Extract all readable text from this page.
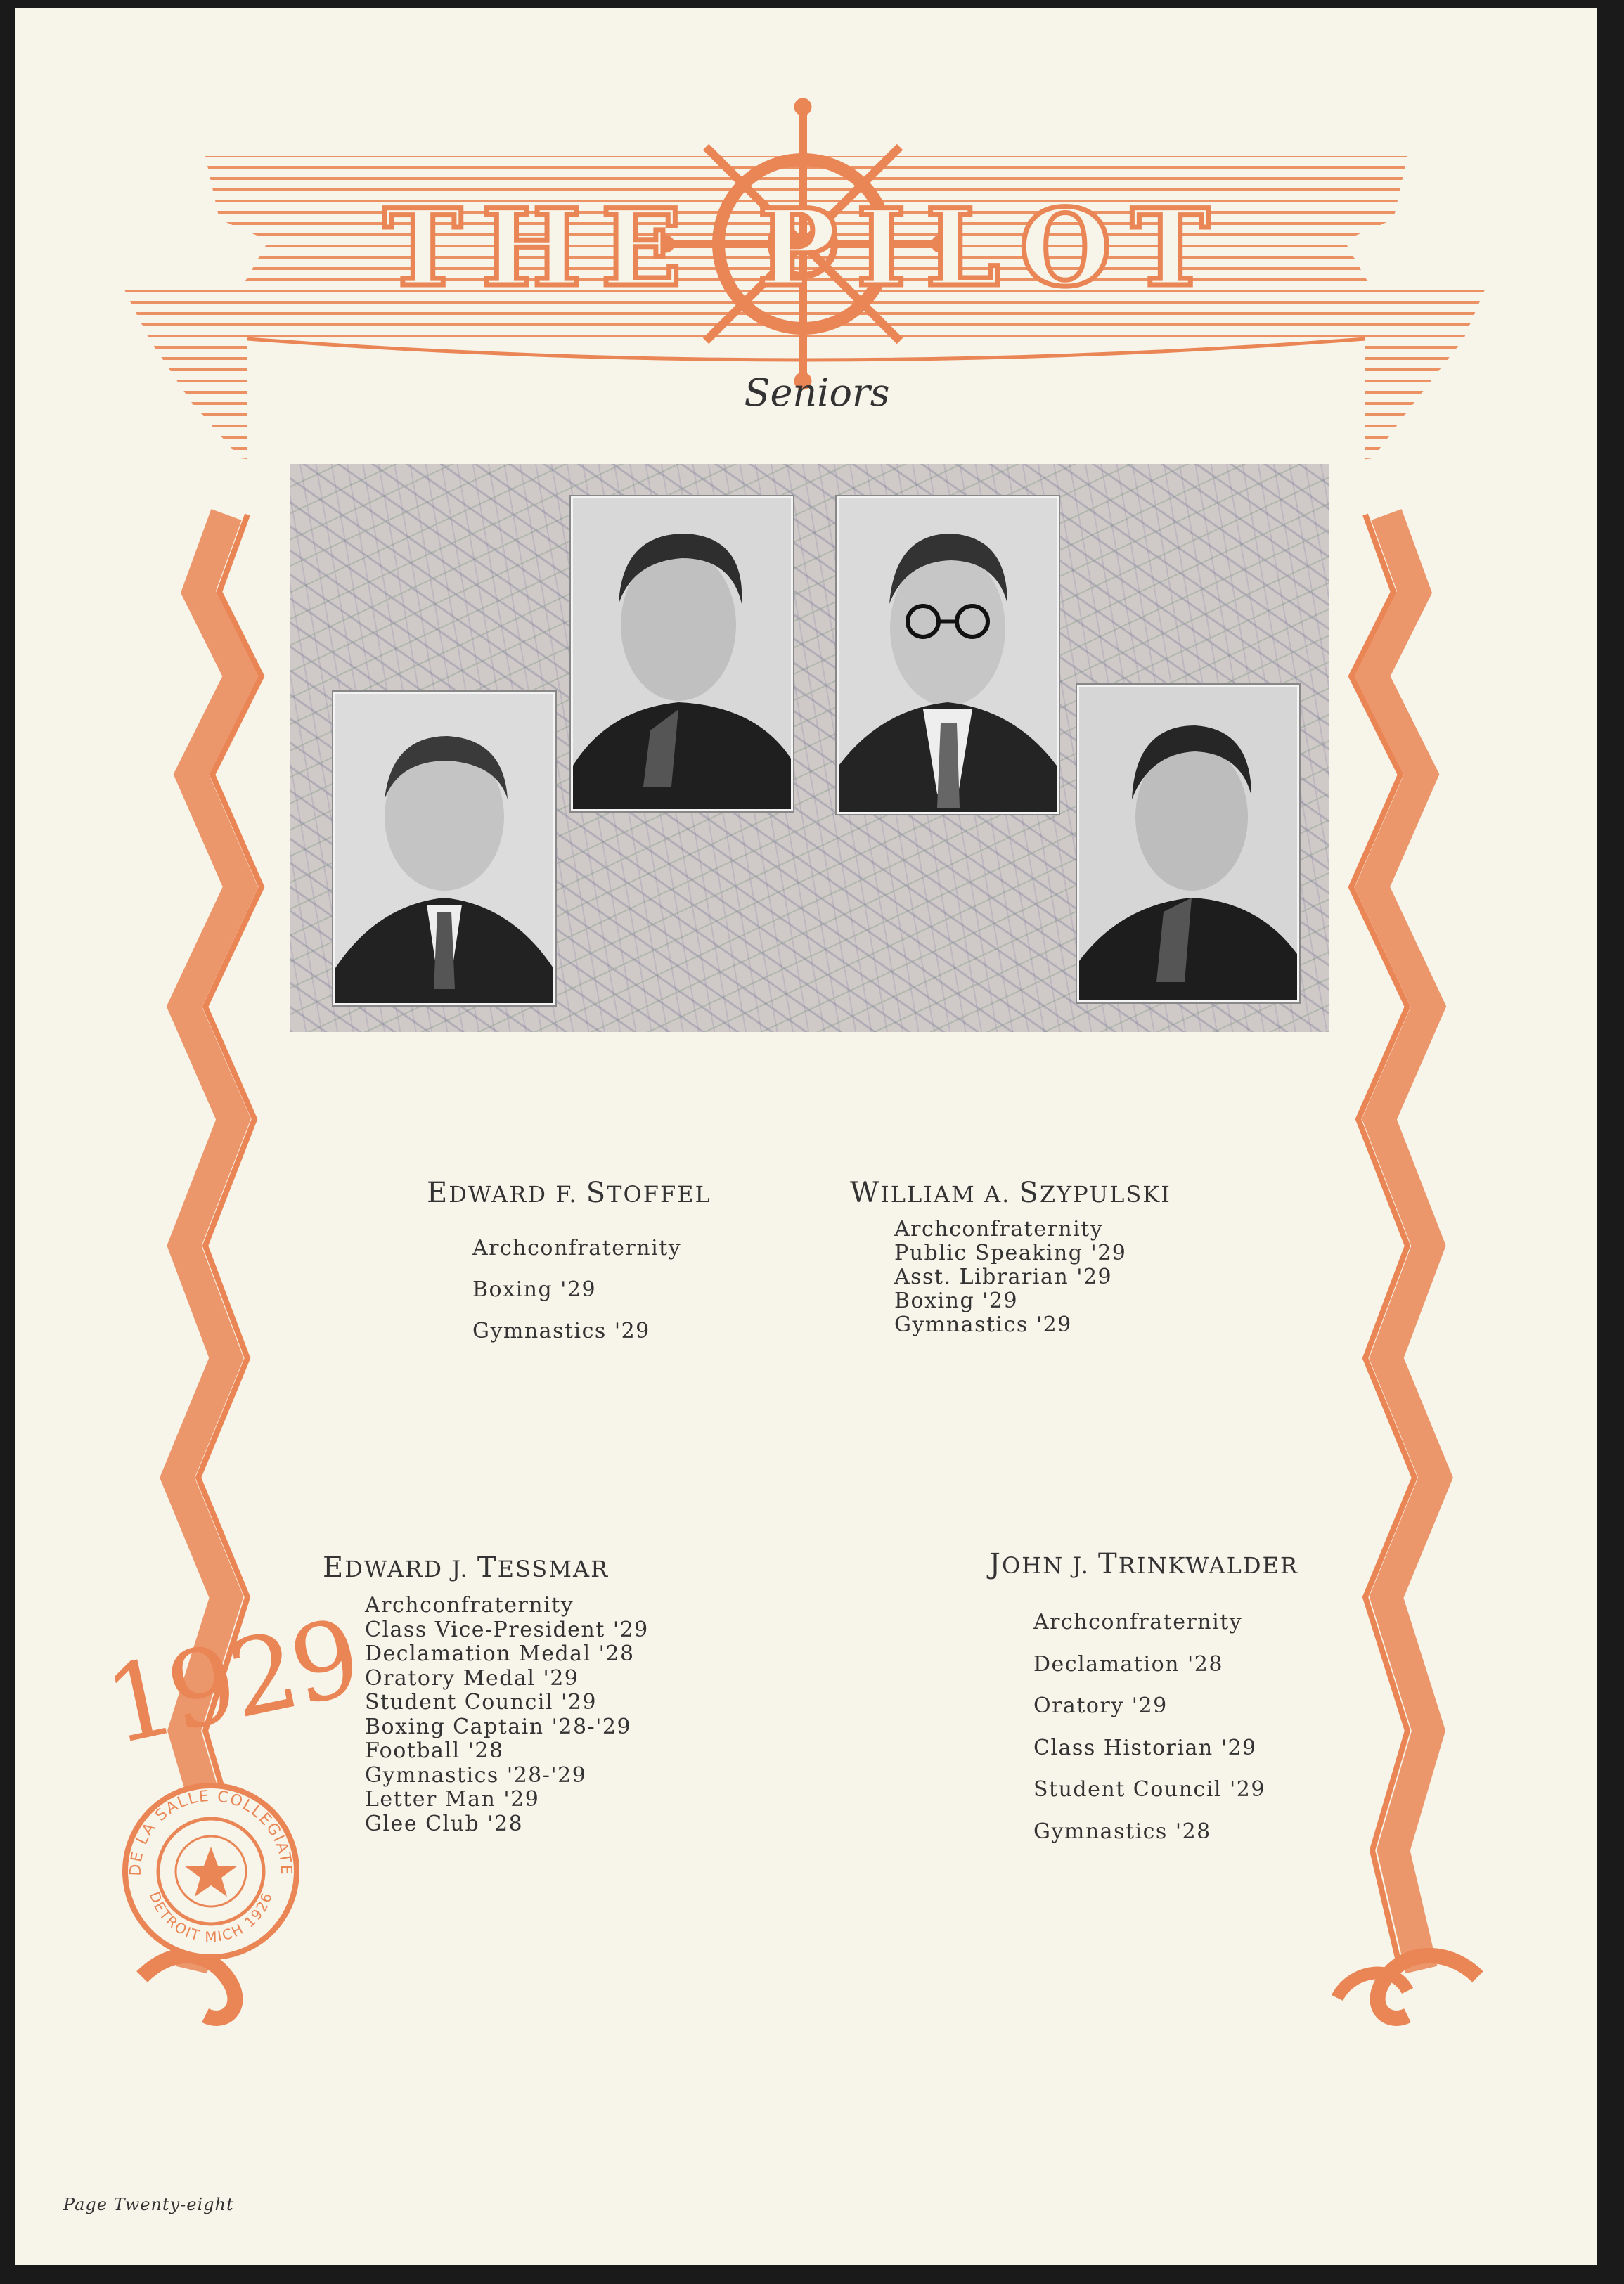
THE PILOT
Seniors
EDWARD F. STOFFEL
Archconfraternity
Boxing '29
Gymnastics '29
WILLIAM A. SZYPULSKI
Archconfraternity
Public Speaking '29
Asst. Librarian '29
Boxing '29
Gymnastics '29
EDWARD J. TESSMAR
Archconfraternity
Class Vice-President '29
Declamation Medal '28
Oratory Medal '29
Student Council '29
Boxing Captain '28-'29
Football '28
Gymnastics '28-'29
Letter Man '29
Glee Club '28
JOHN J. TRINKWALDER
Archconfraternity
Declamation '28
Oratory '29
Class Historian '29
Student Council '29
Gymnastics '28
1929
DE LA SALLE COLLEGIATE
DETROIT MICH 1926
Page Twenty-eight
